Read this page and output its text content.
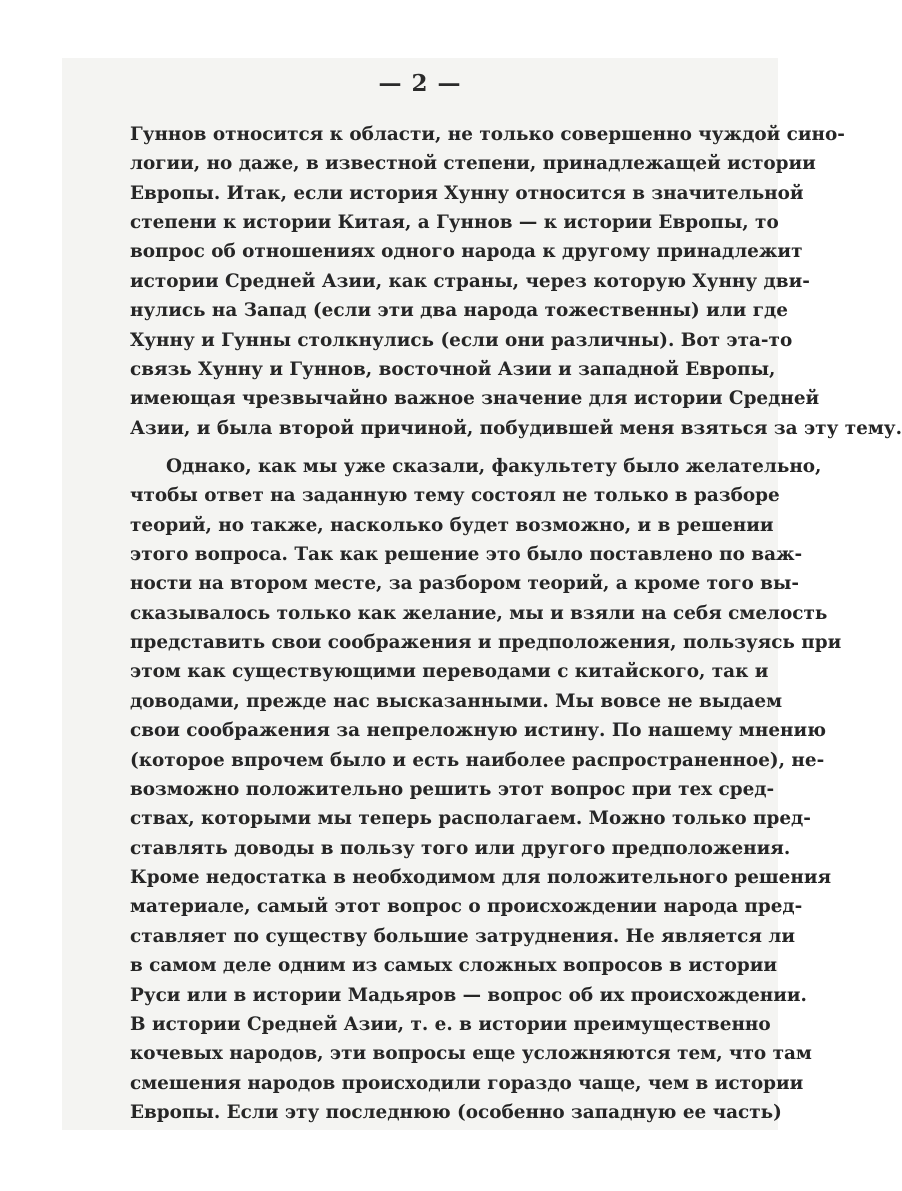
— 2 —
Гуннов относится к области, не только совершенно чуждой сино-
логии, но даже, в известной степени, принадлежащей истории
Европы. Итак, если история Хунну относится в значительной
степени к истории Китая, а Гуннов — к истории Европы, то
вопрос об отношениях одного народа к другому принадлежит
истории Средней Азии, как страны, через которую Хунну дви-
нулись на Запад (если эти два народа тожественны) или где
Хунну и Гунны столкнулись (если они различны). Вот эта-то
связь Хунну и Гуннов, восточной Азии и западной Европы,
имеющая чрезвычайно важное значение для истории Средней
Азии, и была второй причиной, побудившей меня взяться за эту тему.
Однако, как мы уже сказали, факультету было желательно,
чтобы ответ на заданную тему состоял не только в разборе
теорий, но также, насколько будет возможно, и в решении
этого вопроса. Так как решение это было поставлено по важ-
ности на втором месте, за разбором теорий, а кроме того вы-
сказывалось только как желание, мы и взяли на себя смелость
представить свои соображения и предположения, пользуясь при
этом как существующими переводами с китайского, так и
доводами, прежде нас высказанными. Мы вовсе не выдаем
свои соображения за непреложную истину. По нашему мнению
(которое впрочем было и есть наиболее распространенное), не-
возможно положительно решить этот вопрос при тех сред-
ствах, которыми мы теперь располагаем. Можно только пред-
ставлять доводы в пользу того или другого предположения.
Кроме недостатка в необходимом для положительного решения
материале, самый этот вопрос о происхождении народа пред-
ставляет по существу большие затруднения. Не является ли
в самом деле одним из самых сложных вопросов в истории
Руси или в истории Мадьяров — вопрос об их происхождении.
В истории Средней Азии, т. е. в истории преимущественно
кочевых народов, эти вопросы еще усложняются тем, что там
смешения народов происходили гораздо чаще, чем в истории
Европы. Если эту последнюю (особенно западную ее часть)
